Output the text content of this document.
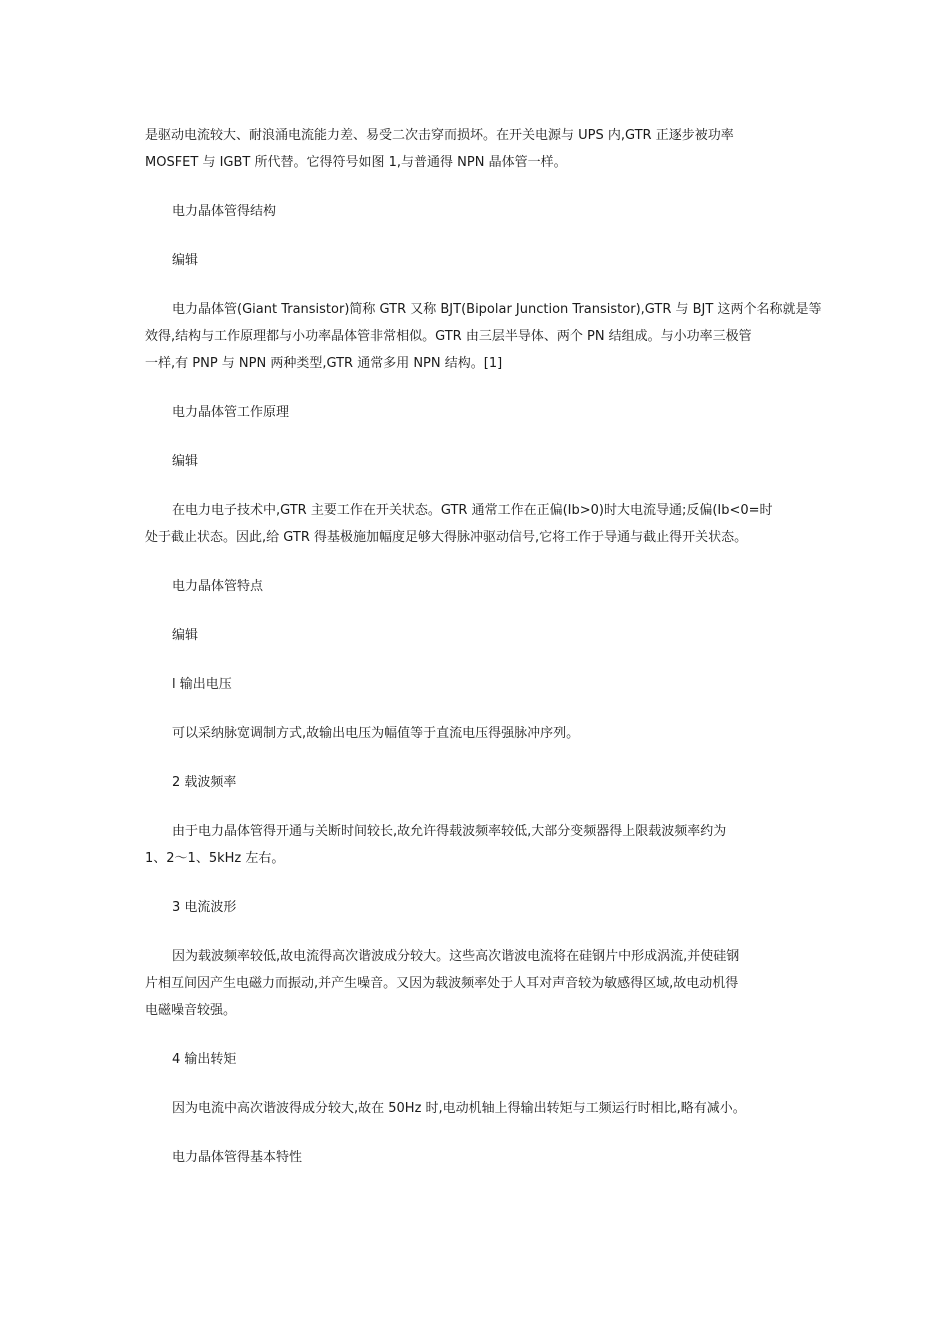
是驱动电流较大、耐浪涌电流能力差、易受二次击穿而损坏。在开关电源与 UPS 内,GTR 正逐步被功率

MOSFET 与 IGBT 所代替。它得符号如图 1,与普通得 NPN 晶体管一样。

电力晶体管得结构

编辑

电力晶体管(Giant Transistor)简称 GTR 又称 BJT(Bipolar Junction Transistor),GTR 与 BJT 这两个名称就是等

效得,结构与工作原理都与小功率晶体管非常相似。GTR 由三层半导体、两个 PN 结组成。与小功率三极管

一样,有 PNP 与 NPN 两种类型,GTR 通常多用 NPN 结构。[1]

电力晶体管工作原理

编辑

在电力电子技术中,GTR 主要工作在开关状态。GTR 通常工作在正偏(Ib>0)时大电流导通;反偏(Ib<0=时

处于截止状态。因此,给 GTR 得基极施加幅度足够大得脉冲驱动信号,它将工作于导通与截止得开关状态。

电力晶体管特点

编辑

l 输出电压

可以采纳脉宽调制方式,故输出电压为幅值等于直流电压得强脉冲序列。

2 载波频率

由于电力晶体管得开通与关断时间较长,故允许得载波频率较低,大部分变频器得上限载波频率约为

1、2～1、5kHz 左右。

3 电流波形

因为载波频率较低,故电流得高次谐波成分较大。这些高次谐波电流将在硅钢片中形成涡流,并使硅钢

片相互间因产生电磁力而振动,并产生噪音。又因为载波频率处于人耳对声音较为敏感得区域,故电动机得

电磁噪音较强。

4 输出转矩

因为电流中高次谐波得成分较大,故在 50Hz 时,电动机轴上得输出转矩与工频运行时相比,略有减小。

电力晶体管得基本特性
